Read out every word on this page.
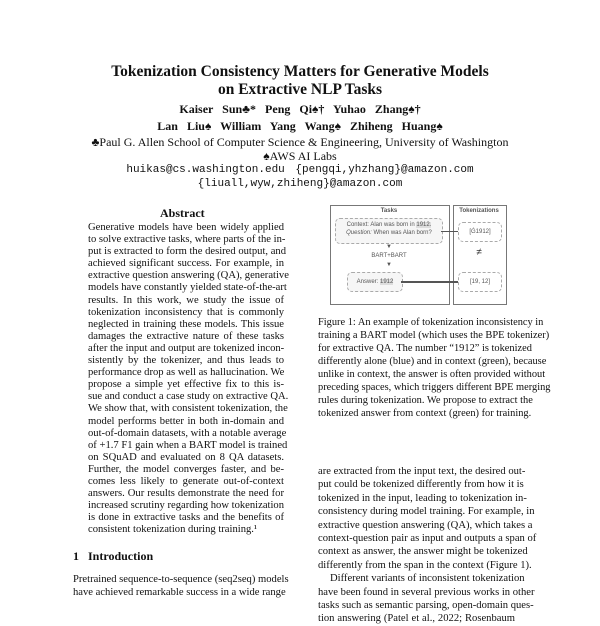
Tokenization Consistency Matters for Generative Models
on Extractive NLP Tasks
Kaiser Sun♣* Peng Qi♠† Yuhao Zhang♠†
Lan Liu♠ William Yang Wang♠ Zhiheng Huang♠
♣Paul G. Allen School of Computer Science & Engineering, University of Washington
♠AWS AI Labs
huikas@cs.washington.edu {pengqi,yhzhang}@amazon.com
{liuall,wyw,zhiheng}@amazon.com
Abstract
Generative models have been widely applied
to solve extractive tasks, where parts of the in-
put is extracted to form the desired output, and
achieved significant success. For example, in
extractive question answering (QA), generative
models have constantly yielded state-of-the-art
results. In this work, we study the issue of
tokenization inconsistency that is commonly
neglected in training these models. This issue
damages the extractive nature of these tasks
after the input and output are tokenized incon-
sistently by the tokenizer, and thus leads to
performance drop as well as hallucination. We
propose a simple yet effective fix to this is-
sue and conduct a case study on extractive QA.
We show that, with consistent tokenization, the
model performs better in both in-domain and
out-of-domain datasets, with a notable average
of +1.7 F1 gain when a BART model is trained
on SQuAD and evaluated on 8 QA datasets.
Further, the model converges faster, and be-
comes less likely to generate out-of-context
answers. Our results demonstrate the need for
increased scrutiny regarding how tokenization
is done in extractive tasks and the benefits of
consistent tokenization during training.¹
1 Introduction
Pretrained sequence-to-sequence (seq2seq) models
have achieved remarkable success in a wide range
Tasks	Tokenizations
Context: Alan was born in 1912.
Question: When was Alan born?
▼
BART+BART
▼
Answer: 1912
[Ġ1912]
≠
[19, 12]
Figure 1: An example of tokenization inconsistency in
training a BART model (which uses the BPE tokenizer)
for extractive QA. The number “1912” is tokenized
differently alone (blue) and in context (green), because
unlike in context, the answer is often provided without
preceding spaces, which triggers different BPE merging
rules during tokenization. We propose to extract the
tokenized answer from context (green) for training.
are extracted from the input text, the desired out-
put could be tokenized differently from how it is
tokenized in the input, leading to tokenization in-
consistency during model training. For example, in
extractive question answering (QA), which takes a
context-question pair as input and outputs a span of
context as answer, the answer might be tokenized
differently from the span in the context (Figure 1).
Different variants of inconsistent tokenization
have been found in several previous works in other
tasks such as semantic parsing, open-domain ques-
tion answering (Patel et al., 2022; Rosenbaum
